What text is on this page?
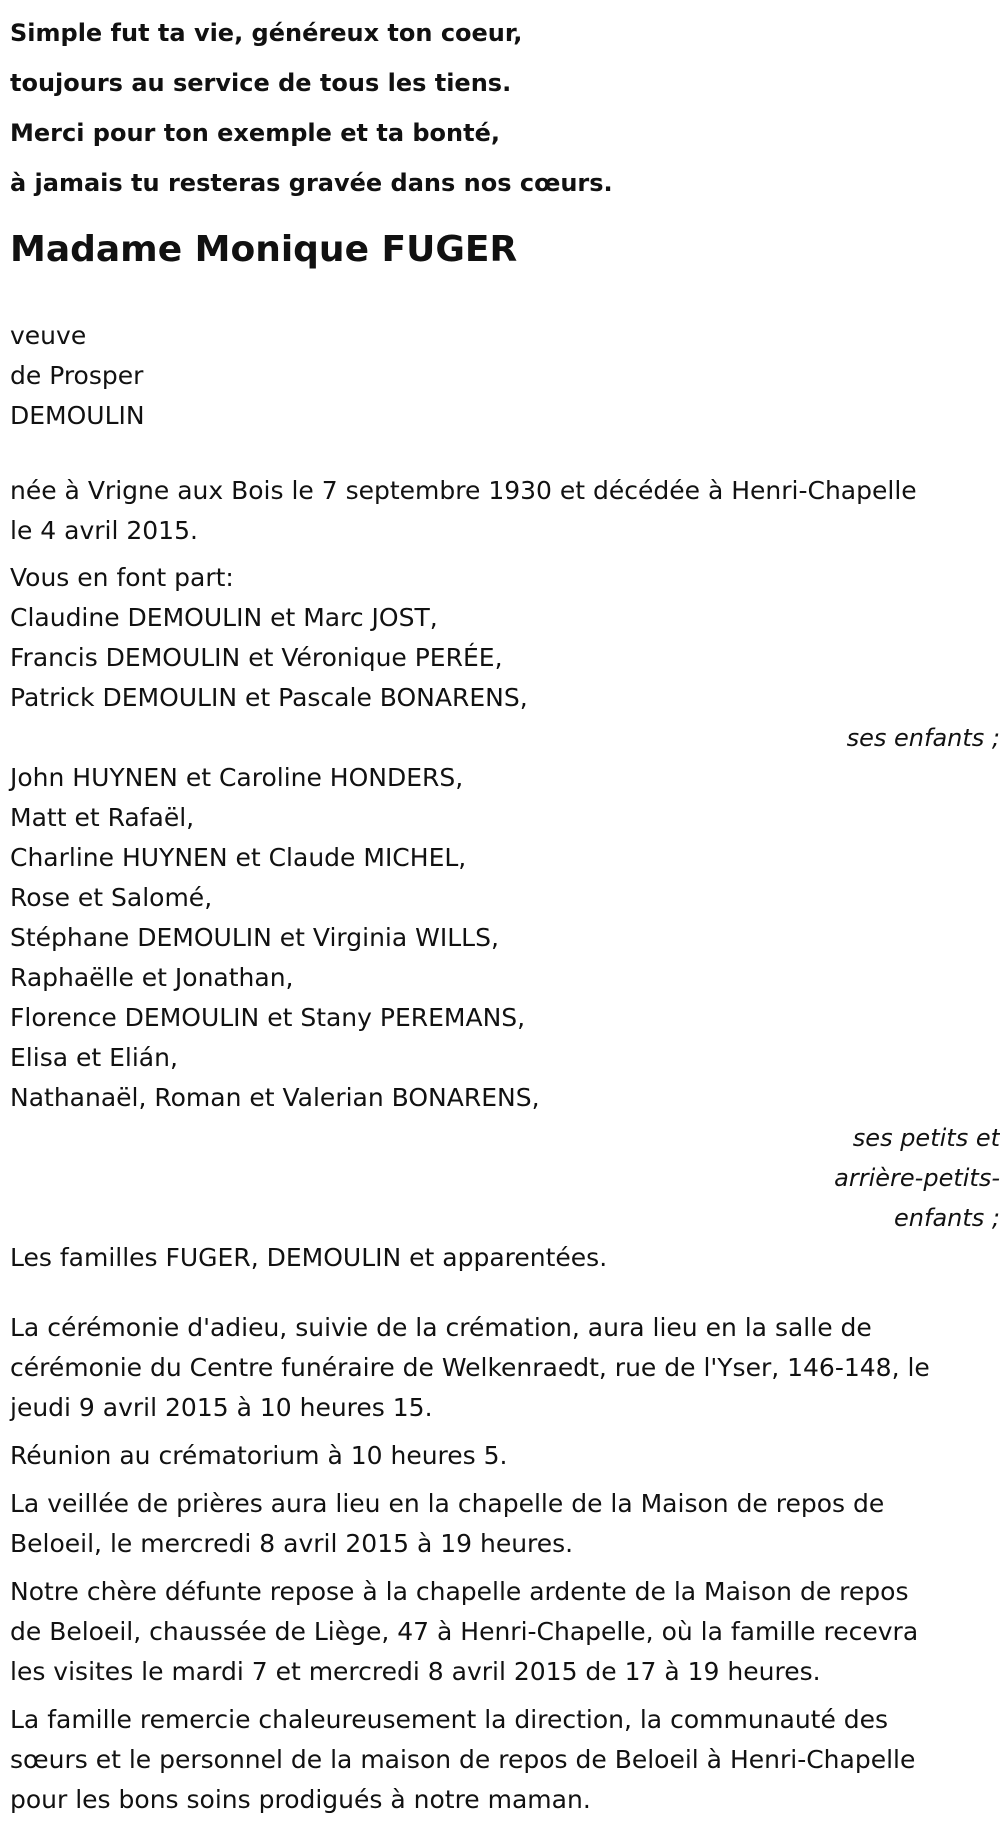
Simple fut ta vie, généreux ton coeur,
toujours au service de tous les tiens.
Merci pour ton exemple et ta bonté,
à jamais tu resteras gravée dans nos cœurs.
Madame Monique FUGER
veuve
de Prosper
DEMOULIN
née à Vrigne aux Bois le 7 septembre 1930 et décédée à Henri-Chapelle
le 4 avril 2015.
Vous en font part:
Claudine DEMOULIN et Marc JOST,
Francis DEMOULIN et Véronique PERÉE,
Patrick DEMOULIN et Pascale BONARENS,
ses enfants ;
John HUYNEN et Caroline HONDERS,
Matt et Rafaël,
Charline HUYNEN et Claude MICHEL,
Rose et Salomé,
Stéphane DEMOULIN et Virginia WILLS,
Raphaëlle et Jonathan,
Florence DEMOULIN et Stany PEREMANS,
Elisa et Elián,
Nathanaël, Roman et Valerian BONARENS,
ses petits et
arrière-petits-
enfants ;
Les familles FUGER, DEMOULIN et apparentées.
La cérémonie d'adieu, suivie de la crémation, aura lieu en la salle de
cérémonie du Centre funéraire de Welkenraedt, rue de l'Yser, 146-148, le
jeudi 9 avril 2015 à 10 heures 15.
Réunion au crématorium à 10 heures 5.
La veillée de prières aura lieu en la chapelle de la Maison de repos de
Beloeil, le mercredi 8 avril 2015 à 19 heures.
Notre chère défunte repose à la chapelle ardente de la Maison de repos
de Beloeil, chaussée de Liège, 47 à Henri-Chapelle, où la famille recevra
les visites le mardi 7 et mercredi 8 avril 2015 de 17 à 19 heures.
La famille remercie chaleureusement la direction, la communauté des
sœurs et le personnel de la maison de repos de Beloeil à Henri-Chapelle
pour les bons soins prodigués à notre maman.
